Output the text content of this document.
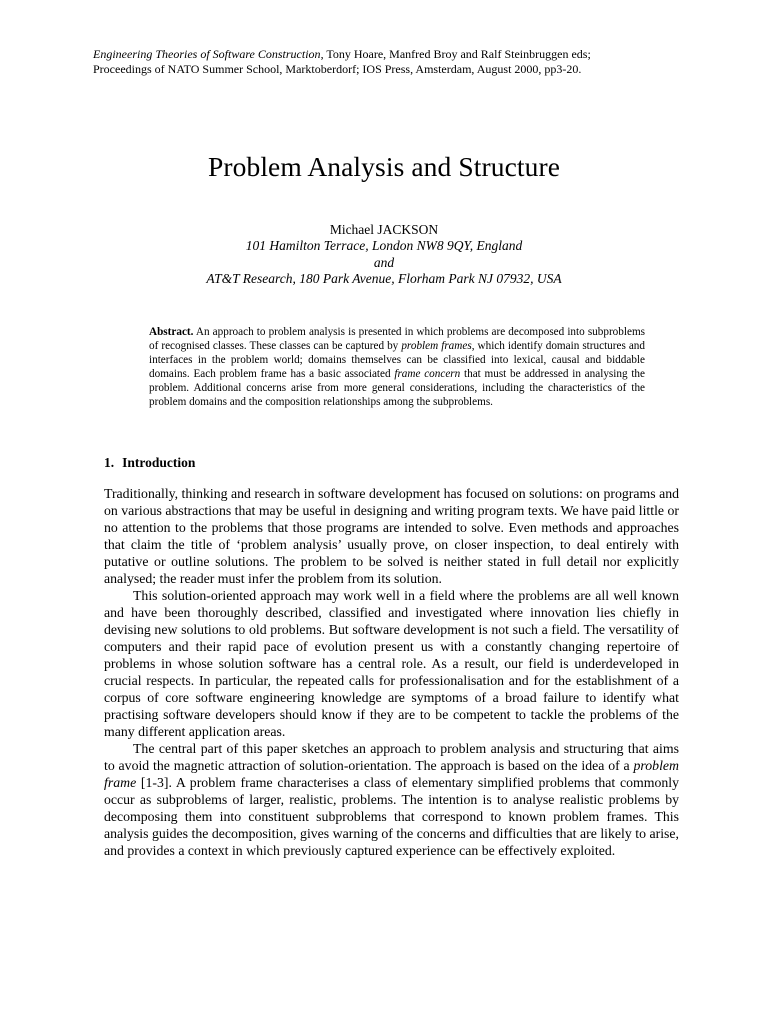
Engineering Theories of Software Construction, Tony Hoare, Manfred Broy and Ralf Steinbruggen eds;
Proceedings of NATO Summer School, Marktoberdorf; IOS Press, Amsterdam, August 2000, pp3-20.
Problem Analysis and Structure
Michael JACKSON
101 Hamilton Terrace, London NW8 9QY, England
and
AT&T Research, 180 Park Avenue, Florham Park NJ 07932, USA
Abstract. An approach to problem analysis is presented in which problems are decomposed into subproblems of recognised classes. These classes can be captured by problem frames, which identify domain structures and interfaces in the problem world; domains themselves can be classified into lexical, causal and biddable domains. Each problem frame has a basic associated frame concern that must be addressed in analysing the problem. Additional concerns arise from more general considerations, including the characteristics of the problem domains and the composition relationships among the subproblems.
1. Introduction

Traditionally, thinking and research in software development has focused on solutions: on programs and on various abstractions that may be useful in designing and writing program texts. We have paid little or no attention to the problems that those programs are intended to solve. Even methods and approaches that claim the title of ‘problem analysis’ usually prove, on closer inspection, to deal entirely with putative or outline solutions. The problem to be solved is neither stated in full detail nor explicitly analysed; the reader must infer the problem from its solution.

This solution-oriented approach may work well in a field where the problems are all well known and have been thoroughly described, classified and investigated where innovation lies chiefly in devising new solutions to old problems. But software development is not such a field. The versatility of computers and their rapid pace of evolution present us with a constantly changing repertoire of problems in whose solution software has a central role. As a result, our field is underdeveloped in crucial respects. In particular, the repeated calls for professionalisation and for the establishment of a corpus of core software engineering knowledge are symptoms of a broad failure to identify what practising software developers should know if they are to be competent to tackle the problems of the many different application areas.

The central part of this paper sketches an approach to problem analysis and structuring that aims to avoid the magnetic attraction of solution-orientation. The approach is based on the idea of a problem frame [1-3]. A problem frame characterises a class of elementary simplified problems that commonly occur as subproblems of larger, realistic, problems. The intention is to analyse realistic problems by decomposing them into constituent subproblems that correspond to known problem frames. This analysis guides the decomposition, gives warning of the concerns and difficulties that are likely to arise, and provides a context in which previously captured experience can be effectively exploited.
